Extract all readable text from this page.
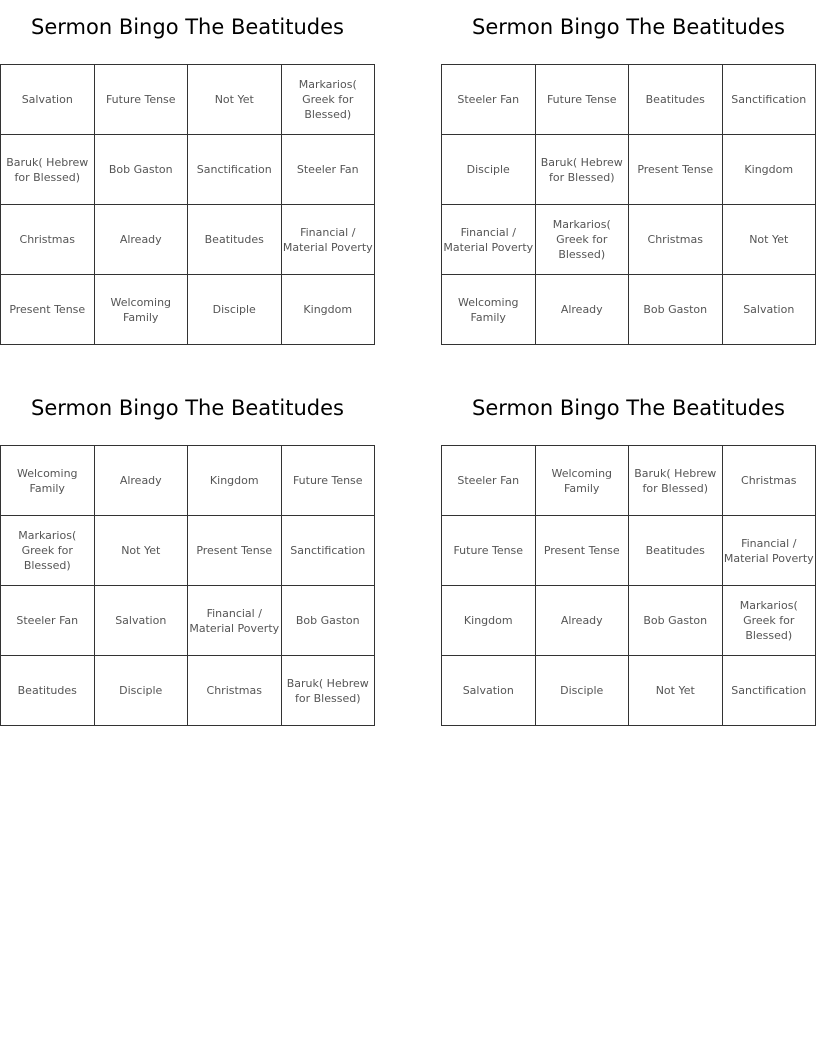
Sermon Bingo The Beatitudes
Salvation	Future Tense	Not Yet	Markarios( Greek for Blessed)
Baruk( Hebrew for Blessed)	Bob Gaston	Sanctification	Steeler Fan
Christmas	Already	Beatitudes	Financial / Material Poverty
Present Tense	Welcoming Family	Disciple	Kingdom
Sermon Bingo The Beatitudes
Steeler Fan	Future Tense	Beatitudes	Sanctification
Disciple	Baruk( Hebrew for Blessed)	Present Tense	Kingdom
Financial / Material Poverty	Markarios( Greek for Blessed)	Christmas	Not Yet
Welcoming Family	Already	Bob Gaston	Salvation
Sermon Bingo The Beatitudes
Welcoming Family	Already	Kingdom	Future Tense
Markarios( Greek for Blessed)	Not Yet	Present Tense	Sanctification
Steeler Fan	Salvation	Financial / Material Poverty	Bob Gaston
Beatitudes	Disciple	Christmas	Baruk( Hebrew for Blessed)
Sermon Bingo The Beatitudes
Steeler Fan	Welcoming Family	Baruk( Hebrew for Blessed)	Christmas
Future Tense	Present Tense	Beatitudes	Financial / Material Poverty
Kingdom	Already	Bob Gaston	Markarios( Greek for Blessed)
Salvation	Disciple	Not Yet	Sanctification
